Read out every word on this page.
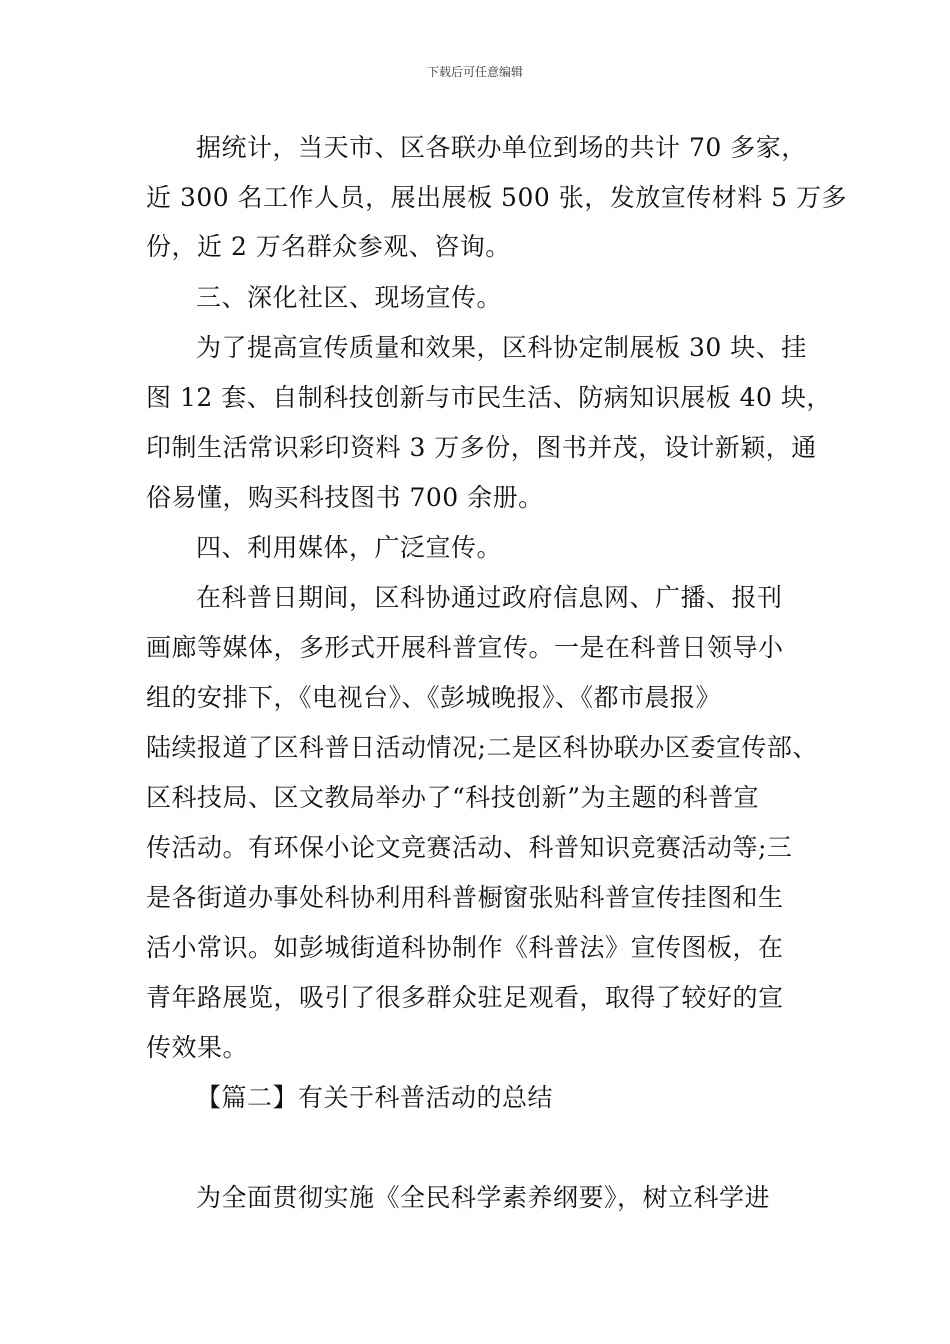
下载后可任意编辑
据统计，当天市、区各联办单位到场的共计 70 多家，
近 300 名工作人员，展出展板 500 张，发放宣传材料 5 万多
份，近 2 万名群众参观、咨询。
三、深化社区、现场宣传。
为了提高宣传质量和效果，区科协定制展板 30 块、挂
图 12 套、自制科技创新与市民生活、防病知识展板 40 块，
印制生活常识彩印资料 3 万多份，图书并茂，设计新颖，通
俗易懂，购买科技图书 700 余册。
四、利用媒体，广泛宣传。
在科普日期间，区科协通过政府信息网、广播、报刊
画廊等媒体，多形式开展科普宣传。一是在科普日领导小
组的安排下，《电视台》、《彭城晚报》、《都市晨报》
陆续报道了区科普日活动情况;二是区科协联办区委宣传部、
区科技局、区文教局举办了“科技创新”为主题的科普宣
传活动。有环保小论文竞赛活动、科普知识竞赛活动等;三
是各街道办事处科协利用科普橱窗张贴科普宣传挂图和生
活小常识。如彭城街道科协制作《科普法》宣传图板，在
青年路展览，吸引了很多群众驻足观看，取得了较好的宣
传效果。
【篇二】有关于科普活动的总结
为全面贯彻实施《全民科学素养纲要》，树立科学进
